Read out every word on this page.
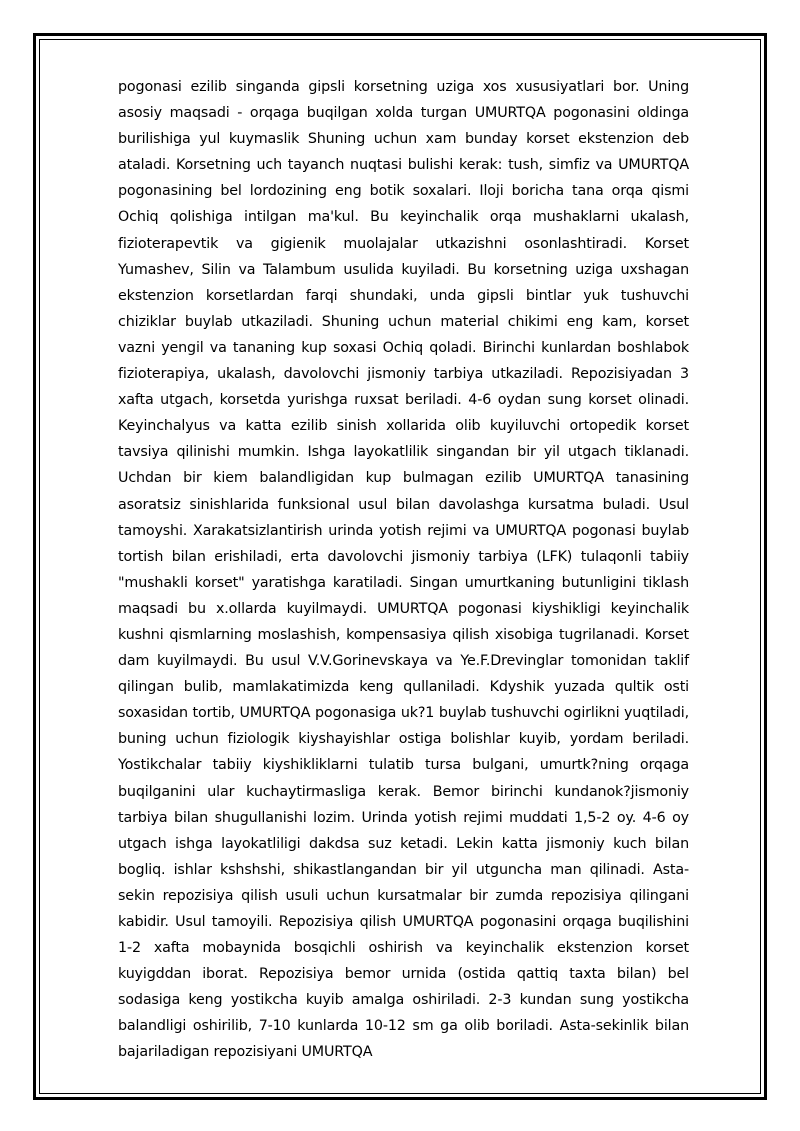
pogonasi ezilib singanda gipsli korsetning uziga xos xususiyatlari bor. Uning asosiy maqsadi - orqaga buqilgan xolda turgan UMURTQA pogonasini oldinga burilishiga yul kuymaslik Shuning uchun xam bunday korset ekstenzion deb ataladi. Korsetning uch tayanch nuqtasi bulishi kerak: tush, simfiz va UMURTQA pogonasining bel lordozining eng botik soxalari. Iloji boricha tana orqa qismi Ochiq qolishiga intilgan ma'kul. Bu keyinchalik orqa mushaklarni ukalash, fizioterapevtik va gigienik muolajalar utkazishni osonlashtiradi. Korset Yumashev, Silin va Talambum usulida kuyiladi. Bu korsetning uziga uxshagan ekstenzion korsetlardan farqi shundaki, unda gipsli bintlar yuk tushuvchi chiziklar buylab utkaziladi. Shuning uchun material chikimi eng kam, korset vazni yengil va tananing kup soxasi Ochiq qoladi. Birinchi kunlardan boshlabok fizioterapiya, ukalash, davolovchi jismoniy tarbiya utkaziladi. Repozisiyadan 3 xafta utgach, korsetda yurishga ruxsat beriladi. 4-6 oydan sung korset olinadi. Keyinchalyus va katta ezilib sinish xollarida olib kuyiluvchi ortopedik korset tavsiya qilinishi mumkin. Ishga layokatlilik singandan bir yil utgach tiklanadi. Uchdan bir kiem balandligidan kup bulmagan ezilib UMURTQA tanasining asoratsiz sinishlarida funksional usul bilan davolashga kursatma buladi. Usul tamoyshi. Xarakatsizlantirish urinda yotish rejimi va UMURTQA pogonasi buylab tortish bilan erishiladi, erta davolovchi jismoniy tarbiya (LFK) tulaqonli tabiiy "mushakli korset" yaratishga karatiladi. Singan umurtkaning butunligini tiklash maqsadi bu x.ollarda kuyilmaydi. UMURTQA pogonasi kiyshikligi keyinchalik kushni qismlarning moslashish, kompensasiya qilish xisobiga tugrilanadi. Korset dam kuyilmaydi. Bu usul V.V.Gorinevskaya va Ye.F.Drevinglar tomonidan taklif qilingan bulib, mamlakatimizda keng qullaniladi. Kdyshik yuzada qultik osti soxasidan tortib, UMURTQA pogonasiga uk?1 buylab tushuvchi ogirlikni yuqtiladi, buning uchun fiziologik kiyshayishlar ostiga bolishlar kuyib, yordam beriladi. Yostikchalar tabiiy kiyshikliklarni tulatib tursa bulgani, umurtk?ning orqaga buqilganini ular kuchaytirmasliga kerak. Bemor birinchi kundanok?jismoniy tarbiya bilan shugullanishi lozim. Urinda yotish rejimi muddati 1,5-2 oy. 4-6 oy utgach ishga layokatliligi dakdsa suz ketadi. Lekin katta jismoniy kuch bilan bogliq. ishlar kshshshi, shikastlangandan bir yil utguncha man qilinadi. Asta-sekin repozisiya qilish usuli uchun kursatmalar bir zumda repozisiya qilingani kabidir. Usul tamoyili. Repozisiya qilish UMURTQA pogonasini orqaga buqilishini 1-2 xafta mobaynida bosqichli oshirish va keyinchalik ekstenzion korset kuyigddan iborat. Repozisiya bemor urnida (ostida qattiq taxta bilan) bel sodasiga keng yostikcha kuyib amalga oshiriladi. 2-3 kundan sung yostikcha balandligi oshirilib, 7-10 kunlarda 10-12 sm ga olib boriladi. Asta-sekinlik bilan bajariladigan repozisiyani UMURTQA
